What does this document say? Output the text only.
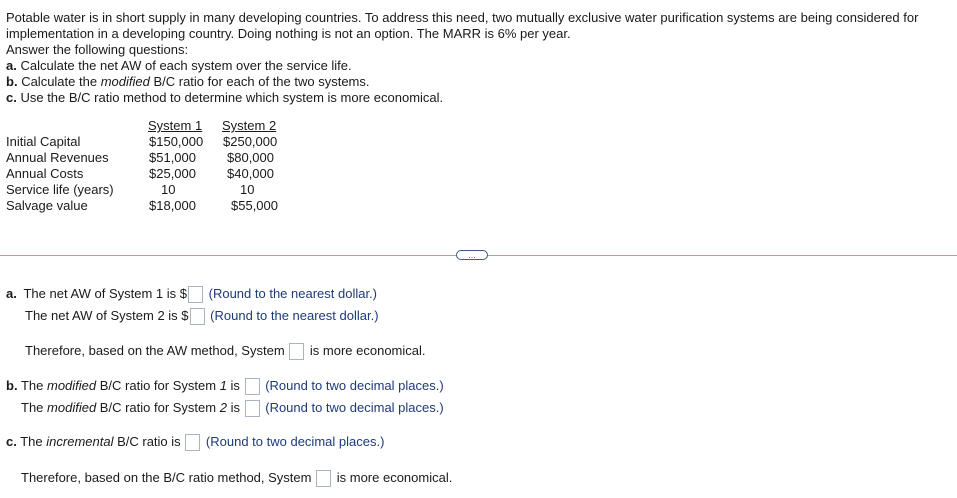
Potable water is in short supply in many developing countries. To address this need, two mutually exclusive water purification systems are being considered for implementation in a developing country. Doing nothing is not an option. The MARR is 6% per year.
Answer the following questions:
a. Calculate the net AW of each system over the service life.
b. Calculate the modified B/C ratio for each of the two systems.
c. Use the B/C ratio method to determine which system is more economical.
System 1 System 2
Initial Capital	$150,000 $250,000
Annual Revenues	$51,000 $80,000
Annual Costs	$25,000 $40,000
Service life (years)	10	10
Salvage value	$18,000	$55,000
...
a. The net AW of System 1 is $ (Round to the nearest dollar.)
The net AW of System 2 is $ (Round to the nearest dollar.)
Therefore, based on the AW method, System is more economical.
b. The modified B/C ratio for System 1 is (Round to two decimal places.)
The modified B/C ratio for System 2 is (Round to two decimal places.)
c. The incremental B/C ratio is (Round to two decimal places.)
Therefore, based on the B/C ratio method, System is more economical.
